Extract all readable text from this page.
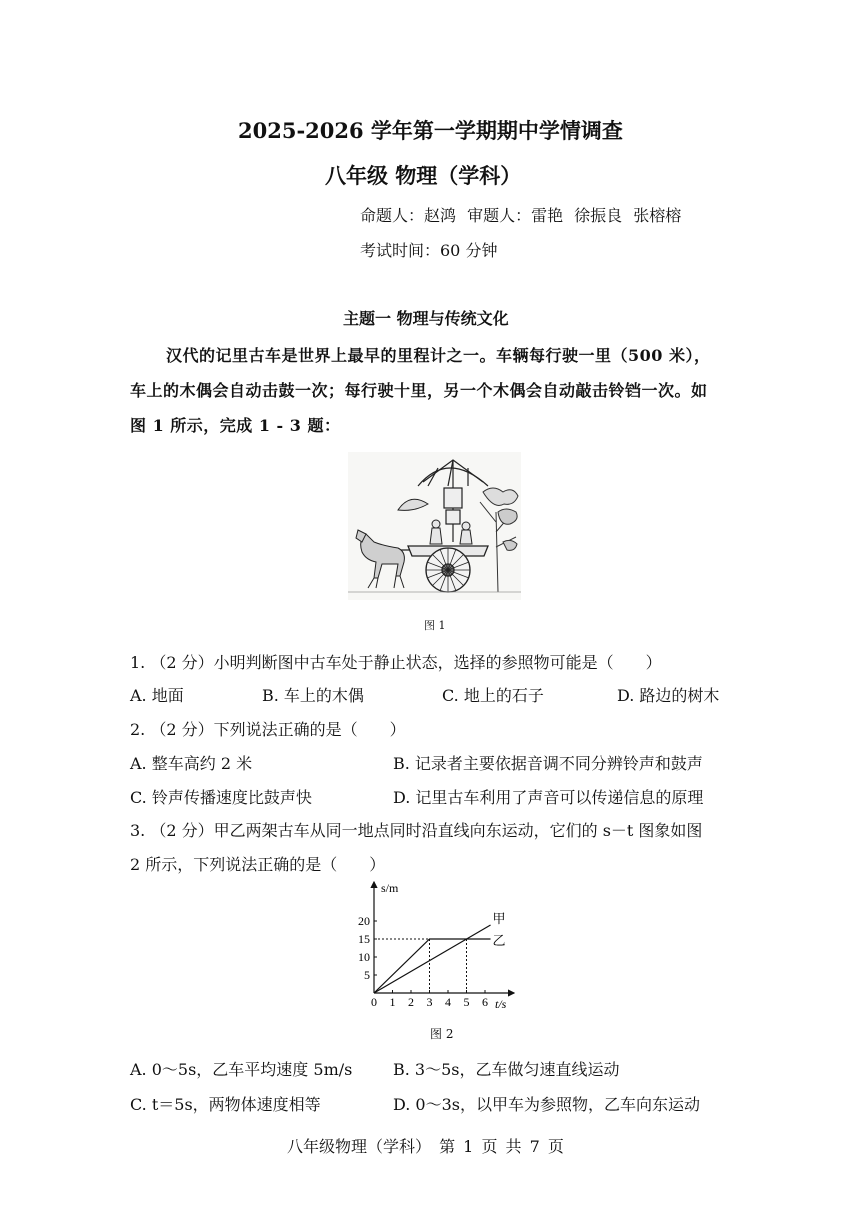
2025-2026 学年第一学期期中学情调查
八年级 物理（学科）
命题人：赵鸿 审题人：雷艳 徐振良 张榕榕
考试时间：60 分钟
主题一 物理与传统文化
汉代的记里古车是世界上最早的里程计之一。车辆每行驶一里（500 米），
车上的木偶会自动击鼓一次；每行驶十里，另一个木偶会自动敲击铃铛一次。如
图 1 所示，完成 1 - 3 题：
图 1
1. （2 分）小明判断图中古车处于静止状态，选择的参照物可能是（　　）
A. 地面	B. 车上的木偶	C. 地上的石子	D. 路边的树木
2. （2 分）下列说法正确的是（　　）
A. 整车高约 2 米	B. 记录者主要依据音调不同分辨铃声和鼓声
C. 铃声传播速度比鼓声快	D. 记里古车利用了声音可以传递信息的原理
3. （2 分）甲乙两架古车从同一地点同时沿直线向东运动，它们的 s－t 图象如图
2 所示，下列说法正确的是（　　）
甲
乙
0 1 2 3 4 5 6
5
10
15
20
s/m
t/s
图 2
A. 0～5s，乙车平均速度 5m/s	B. 3～5s，乙车做匀速直线运动
C. t＝5s，两物体速度相等	D. 0～3s，以甲车为参照物，乙车向东运动
八年级物理（学科） 第 1 页 共 7 页
